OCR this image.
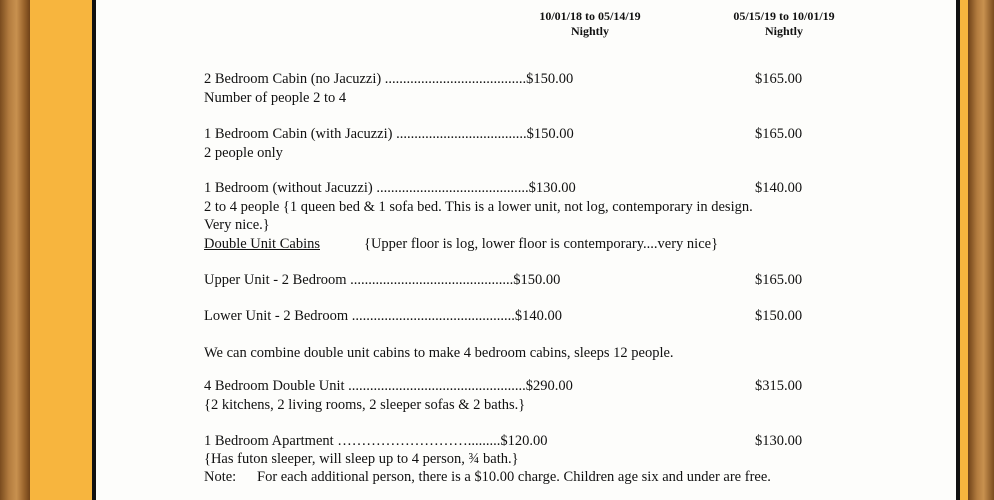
10/01/18 to 05/14/19
Nightly
05/15/19 to 10/01/19
Nightly
2 Bedroom Cabin (no Jacuzzi) .......................................$150.00	$165.00
Number of people 2 to 4
1 Bedroom Cabin (with Jacuzzi) ....................................$150.00	$165.00
2 people only
1 Bedroom (without Jacuzzi) ..........................................$130.00	$140.00
2 to 4 people {1 queen bed & 1 sofa bed. This is a lower unit, not log, contemporary in design.
Very nice.}
Double Unit Cabins	{Upper floor is log, lower floor is contemporary....very nice}
Upper Unit - 2 Bedroom .............................................$150.00	$165.00
Lower Unit - 2 Bedroom .............................................$140.00	$150.00
We can combine double unit cabins to make 4 bedroom cabins, sleeps 12 people.
4 Bedroom Double Unit .................................................$290.00	$315.00
{2 kitchens, 2 living rooms, 2 sleeper sofas & 2 baths.}
1 Bedroom Apartment ……………………….........$120.00	$130.00
{Has futon sleeper, will sleep up to 4 person, ¾ bath.}
Note: For each additional person, there is a $10.00 charge. Children age six and under are free.
